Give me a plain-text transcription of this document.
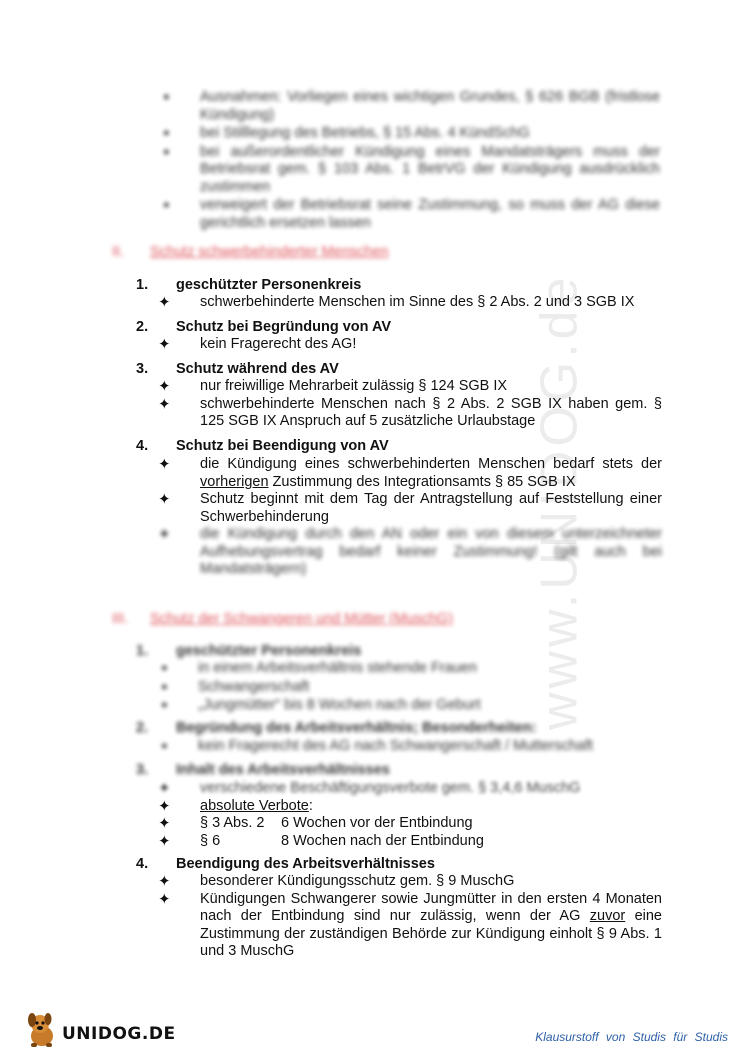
www.UNIDOG.de
● Ausnahmen: Vorliegen eines wichtigen Grundes, § 626 BGB (fristlose Kündigung)
● bei Stilllegung des Betriebs, § 15 Abs. 4 KündSchG
● bei außerordentlicher Kündigung eines Mandatsträgers muss der Betriebsrat gem. § 103 Abs. 1 BetrVG der Kündigung ausdrücklich zustimmen
● verweigert der Betriebsrat seine Zustimmung, so muss der AG diese gerichtlich ersetzen lassen
II. Schutz schwerbehinderter Menschen
1. geschützter Personenkreis
✦ schwerbehinderte Menschen im Sinne des § 2 Abs. 2 und 3 SGB IX
2. Schutz bei Begründung von AV
✦ kein Fragerecht des AG!
3. Schutz während des AV
✦ nur freiwillige Mehrarbeit zulässig § 124 SGB IX
✦ schwerbehinderte Menschen nach § 2 Abs. 2 SGB IX haben gem. § 125 SGB IX Anspruch auf 5 zusätzliche Urlaubstage
4. Schutz bei Beendigung von AV
✦ die Kündigung eines schwerbehinderten Menschen bedarf stets der vorherigen Zustimmung des Integrationsamts § 85 SGB IX
✦ Schutz beginnt mit dem Tag der Antragstellung auf Feststellung einer Schwerbehinderung
✦ die Kündigung durch den AN oder ein von diesem unterzeichneter Aufhebungsvertrag bedarf keiner Zustimmung! (gilt auch bei Mandatsträgern)
III. Schutz der Schwangeren und Mütter (MuschG)
1. geschützter Personenkreis
● in einem Arbeitsverhältnis stehende Frauen
● Schwangerschaft
● „Jungmütter“ bis 8 Wochen nach der Geburt
2. Begründung des Arbeitsverhältnis; Besonderheiten:
● kein Fragerecht des AG nach Schwangerschaft / Mutterschaft
3. Inhalt des Arbeitsverhältnisses
✦ verschiedene Beschäftigungsverbote gem. § 3,4,6 MuschG
✦ absolute Verbote:
✦ § 3 Abs. 2 6 Wochen vor der Entbindung
✦ § 6	8 Wochen nach der Entbindung
4. Beendigung des Arbeitsverhältnisses
✦ besonderer Kündigungsschutz gem. § 9 MuschG
✦ Kündigungen Schwangerer sowie Jungmütter in den ersten 4 Monaten nach der Entbindung sind nur zulässig, wenn der AG zuvor eine Zustimmung der zuständigen Behörde zur Kündigung einholt § 9 Abs. 1 und 3 MuschG
UNIDOG.DE	Klausurstoff von Studis für Studis
